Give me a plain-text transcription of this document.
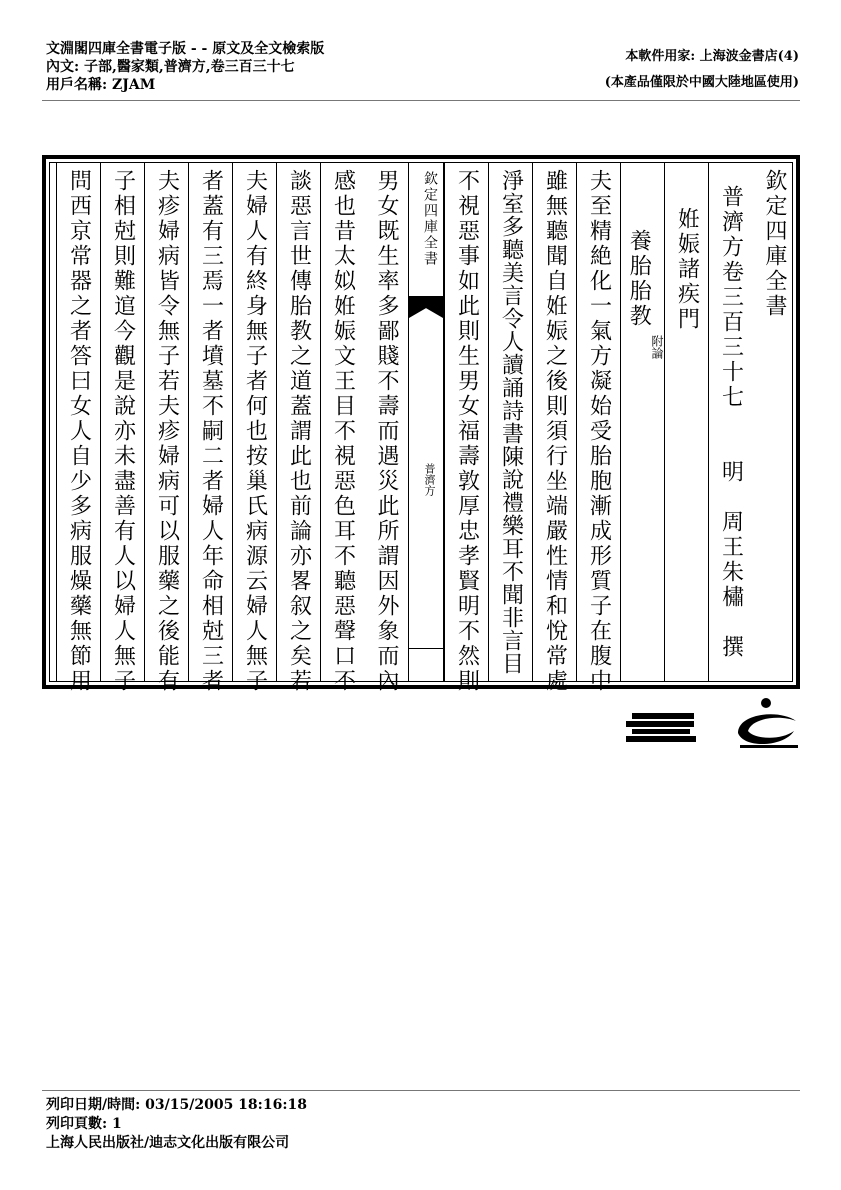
文淵閣四庫全書電子版 - - 原文及全文檢索版
內文: 子部,醫家類,普濟方,卷三百三十七
用戶名稱: ZJAM
本軟件用家: 上海波金書店(4)
(本產品僅限於中國大陸地區使用)
欽定四庫全書
普濟方卷三百三十七　　明　周王朱橚　撰
姙娠諸疾門
養胎胎教
附論
夫至精絶化一氣方凝始受胎胞漸成形質子在腹中
雖無聽聞自姙娠之後則須行坐端嚴性情和悅常處
淨室多聽美言令人讀誦詩書陳說禮樂耳不聞非言目
不視惡事如此則生男女福壽敦厚忠孝賢明不然則
欽定四庫全書
普濟方
男女既生率多鄙賤不壽而遇災此所謂因外象而內
感也昔太姒姙娠文王目不視惡色耳不聽惡聲口不
談惡言世傳胎教之道蓋謂此也前論亦畧叙之矣若
夫婦人有終身無子者何也按巢氏病源云婦人無子
者蓋有三焉一者墳墓不嗣二者婦人年命相尅三者
夫疹婦病皆令無子若夫疹婦病可以服藥之後能有
子相尅則難逭今觀是說亦未盡善有人以婦人無子
問西京常器之者答曰女人自少多病服燥藥無節用
列印日期/時間: 03/15/2005 18:16:18
列印頁數: 1
上海人民出版社/迪志文化出版有限公司
